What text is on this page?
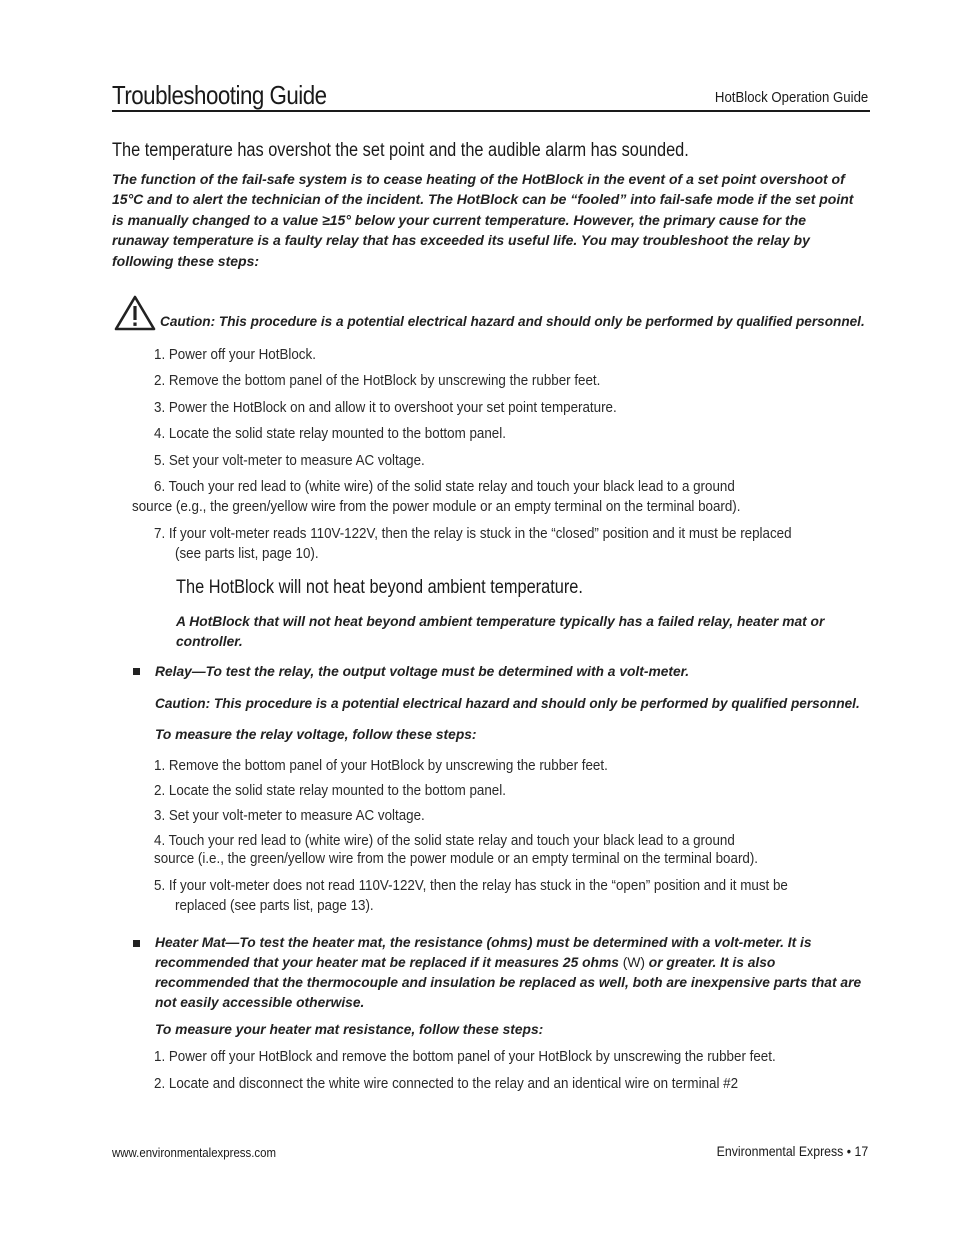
Troubleshooting Guide	HotBlock Operation Guide
The temperature has overshot the set point and the audible alarm has sounded.
The function of the fail-safe system is to cease heating of the HotBlock in the event of a set point overshoot of 15°C and to alert the technician of the incident. The HotBlock can be “fooled” into fail-safe mode if the set point is manually changed to a value ≥15° below your current temperature. However, the primary cause for the runaway temperature is a faulty relay that has exceeded its useful life. You may troubleshoot the relay by following these steps:
Caution: This procedure is a potential electrical hazard and should only be performed by qualified personnel.
1. Power off your HotBlock.
2. Remove the bottom panel of the HotBlock by unscrewing the rubber feet.
3. Power the HotBlock on and allow it to overshoot your set point temperature.
4. Locate the solid state relay mounted to the bottom panel.
5. Set your volt-meter to measure AC voltage.
6. Touch your red lead to (white wire) of the solid state relay and touch your black lead to a ground
source (e.g., the green/yellow wire from the power module or an empty terminal on the terminal board).
7. If your volt-meter reads 110V-122V, then the relay is stuck in the “closed” position and it must be replaced
(see parts list, page 10).
The HotBlock will not heat beyond ambient temperature.
A HotBlock that will not heat beyond ambient temperature typically has a failed relay, heater mat or controller.
Relay—To test the relay, the output voltage must be determined with a volt-meter.
Caution: This procedure is a potential electrical hazard and should only be performed by qualified personnel.
To measure the relay voltage, follow these steps:
1. Remove the bottom panel of your HotBlock by unscrewing the rubber feet.
2. Locate the solid state relay mounted to the bottom panel.
3. Set your volt-meter to measure AC voltage.
4. Touch your red lead to (white wire) of the solid state relay and touch your black lead to a ground
source (i.e., the green/yellow wire from the power module or an empty terminal on the terminal board).
5. If your volt-meter does not read 110V-122V, then the relay has stuck in the “open” position and it must be
replaced (see parts list, page 13).
Heater Mat—To test the heater mat, the resistance (ohms) must be determined with a volt-meter. It is
recommended that your heater mat be replaced if it measures 25 ohms (W) or greater. It is also
recommended that the thermocouple and insulation be replaced as well, both are inexpensive parts that are
not easily accessible otherwise.
To measure your heater mat resistance, follow these steps:
1. Power off your HotBlock and remove the bottom panel of your HotBlock by unscrewing the rubber feet.
2. Locate and disconnect the white wire connected to the relay and an identical wire on terminal #2
www.environmentalexpress.com	Environmental Express • 17
